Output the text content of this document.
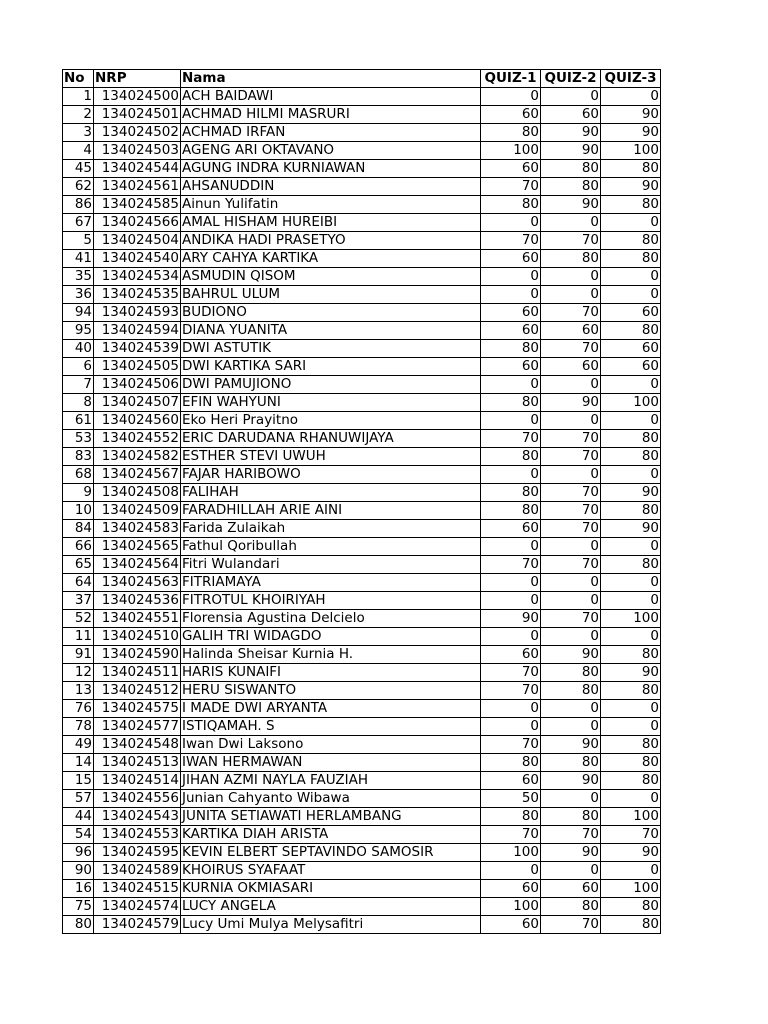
No	NRP	Nama	QUIZ-1	QUIZ-2	QUIZ-3
1	134024500	ACH BAIDAWI	0	0	0
2	134024501	ACHMAD HILMI MASRURI	60	60	90
3	134024502	ACHMAD IRFAN	80	90	90
4	134024503	AGENG ARI OKTAVANO	100	90	100
45	134024544	AGUNG INDRA KURNIAWAN	60	80	80
62	134024561	AHSANUDDIN	70	80	90
86	134024585	Ainun Yulifatin	80	90	80
67	134024566	AMAL HISHAM HUREIBI	0	0	0
5	134024504	ANDIKA HADI PRASETYO	70	70	80
41	134024540	ARY CAHYA KARTIKA	60	80	80
35	134024534	ASMUDIN QISOM	0	0	0
36	134024535	BAHRUL ULUM	0	0	0
94	134024593	BUDIONO	60	70	60
95	134024594	DIANA YUANITA	60	60	80
40	134024539	DWI ASTUTIK	80	70	60
6	134024505	DWI KARTIKA SARI	60	60	60
7	134024506	DWI PAMUJIONO	0	0	0
8	134024507	EFIN WAHYUNI	80	90	100
61	134024560	Eko Heri Prayitno	0	0	0
53	134024552	ERIC DARUDANA RHANUWIJAYA	70	70	80
83	134024582	ESTHER STEVI UWUH	80	70	80
68	134024567	FAJAR HARIBOWO	0	0	0
9	134024508	FALIHAH	80	70	90
10	134024509	FARADHILLAH ARIE AINI	80	70	80
84	134024583	Farida Zulaikah	60	70	90
66	134024565	Fathul Qoribullah	0	0	0
65	134024564	Fitri Wulandari	70	70	80
64	134024563	FITRIAMAYA	0	0	0
37	134024536	FITROTUL KHOIRIYAH	0	0	0
52	134024551	Florensia Agustina Delcielo	90	70	100
11	134024510	GALIH TRI WIDAGDO	0	0	0
91	134024590	Halinda Sheisar Kurnia H.	60	90	80
12	134024511	HARIS KUNAIFI	70	80	90
13	134024512	HERU SISWANTO	70	80	80
76	134024575	I MADE DWI ARYANTA	0	0	0
78	134024577	ISTIQAMAH. S	0	0	0
49	134024548	Iwan Dwi Laksono	70	90	80
14	134024513	IWAN HERMAWAN	80	80	80
15	134024514	JIHAN AZMI NAYLA FAUZIAH	60	90	80
57	134024556	Junian Cahyanto Wibawa	50	0	0
44	134024543	JUNITA SETIAWATI HERLAMBANG	80	80	100
54	134024553	KARTIKA DIAH ARISTA	70	70	70
96	134024595	KEVIN ELBERT SEPTAVINDO SAMOSIR	100	90	90
90	134024589	KHOIRUS SYAFAAT	0	0	0
16	134024515	KURNIA OKMIASARI	60	60	100
75	134024574	LUCY ANGELA	100	80	80
80	134024579	Lucy Umi Mulya Melysafitri	60	70	80
